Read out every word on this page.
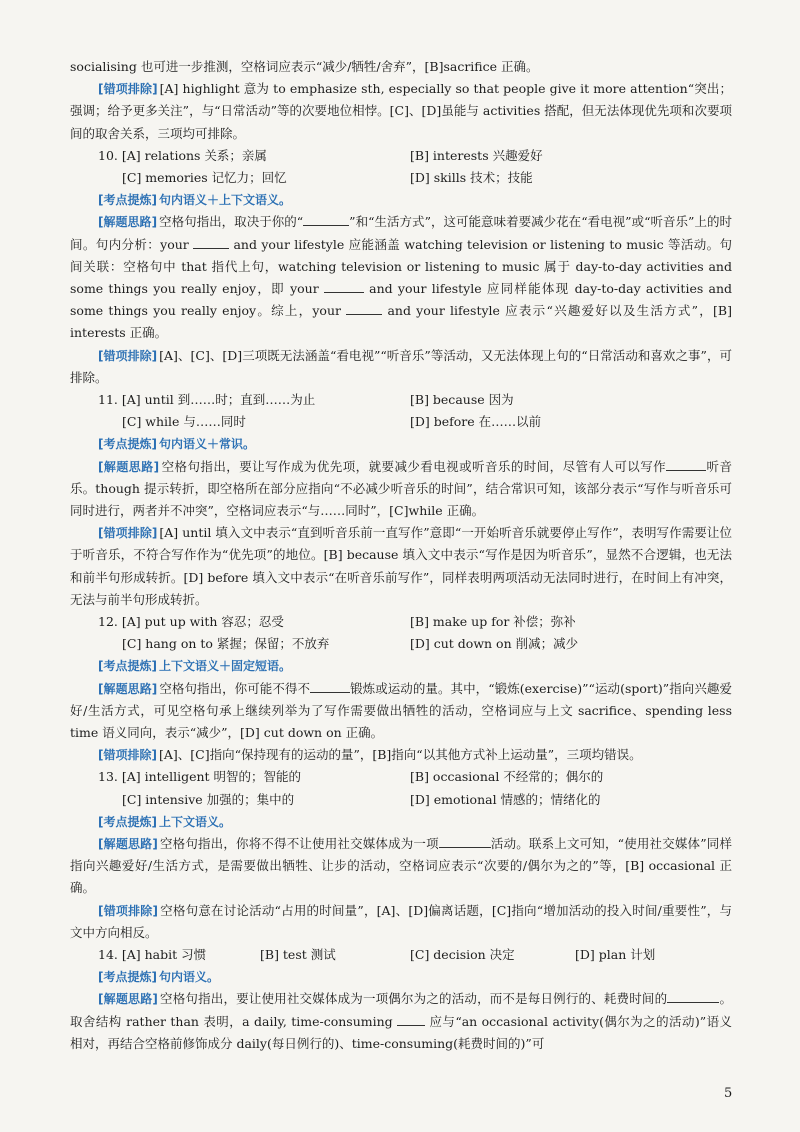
socialising 也可进一步推测，空格词应表示“减少/牺牲/舍弃”，[B]sacrifice 正确。

[错项排除] [A] highlight 意为 to emphasize sth, especially so that people give it more attention“突出；强调；给予更多关注”，与“日常活动”等的次要地位相悖。[C]、[D]虽能与 activities 搭配，但无法体现优先项和次要项间的取舍关系，三项均可排除。

10. [A] relations 关系；亲属	[B] interests 兴趣爱好
[C] memories 记忆力；回忆	[D] skills 技术；技能

[考点提炼] 句内语义＋上下文语义。

[解题思路] 空格句指出，取决于你的“	”和“生活方式”，这可能意味着要减少花在“看电视”或“听音乐”上的时间。句内分析：your	and your lifestyle 应能涵盖 watching television or listening to music 等活动。句间关联：空格句中 that 指代上句，watching television or listening to music 属于 day-to-day activities and some things you really enjoy，即 your	and your lifestyle 应同样能体现 day-to-day activities and some things you really enjoy。综上，your	and your lifestyle 应表示“兴趣爱好以及生活方式”，[B] interests 正确。

[错项排除] [A]、[C]、[D]三项既无法涵盖“看电视”“听音乐”等活动，又无法体现上句的“日常活动和喜欢之事”，可排除。

11. [A] until 到……时；直到……为止	[B] because 因为
[C] while 与……同时	[D] before 在……以前

[考点提炼] 句内语义＋常识。

[解题思路] 空格句指出，要让写作成为优先项，就要减少看电视或听音乐的时间，尽管有人可以写作	听音乐。though 提示转折，即空格所在部分应指向“不必减少听音乐的时间”，结合常识可知，该部分表示“写作与听音乐可同时进行，两者并不冲突”，空格词应表示“与……同时”，[C]while 正确。

[错项排除] [A] until 填入文中表示“直到听音乐前一直写作”意即“一开始听音乐就要停止写作”，表明写作需要让位于听音乐，不符合写作作为“优先项”的地位。[B] because 填入文中表示“写作是因为听音乐”，显然不合逻辑，也无法和前半句形成转折。[D] before 填入文中表示“在听音乐前写作”，同样表明两项活动无法同时进行，在时间上有冲突，无法与前半句形成转折。

12. [A] put up with 容忍；忍受	[B] make up for 补偿；弥补
[C] hang on to 紧握；保留；不放弃	[D] cut down on 削减；减少

[考点提炼] 上下文语义＋固定短语。

[解题思路] 空格句指出，你可能不得不	锻炼或运动的量。其中，“锻炼(exercise)”“运动(sport)”指向兴趣爱好/生活方式，可见空格句承上继续列举为了写作需要做出牺牲的活动，空格词应与上文 sacrifice、spending less time 语义同向，表示“减少”，[D] cut down on 正确。

[错项排除] [A]、[C]指向“保持现有的运动的量”，[B]指向“以其他方式补上运动量”，三项均错误。

13. [A] intelligent 明智的；智能的	[B] occasional 不经常的；偶尔的
[C] intensive 加强的；集中的	[D] emotional 情感的；情绪化的

[考点提炼] 上下文语义。

[解题思路] 空格句指出，你将不得不让使用社交媒体成为一项	活动。联系上文可知，“使用社交媒体”同样指向兴趣爱好/生活方式，是需要做出牺牲、让步的活动，空格词应表示“次要的/偶尔为之的”等，[B] occasional 正确。

[错项排除] 空格句意在讨论活动“占用的时间量”，[A]、[D]偏离话题，[C]指向“增加活动的投入时间/重要性”，与文中方向相反。

14. [A] habit 习惯	[B] test 测试	[C] decision 决定	[D] plan 计划

[考点提炼] 句内语义。

[解题思路] 空格句指出，要让使用社交媒体成为一项偶尔为之的活动，而不是每日例行的、耗费时间的	。取舍结构 rather than 表明，a daily, time-consuming  应与“an occasional activity(偶尔为之的活动)”语义相对，再结合空格前修饰成分 daily(每日例行的)、time-consuming(耗费时间的)”可

5
